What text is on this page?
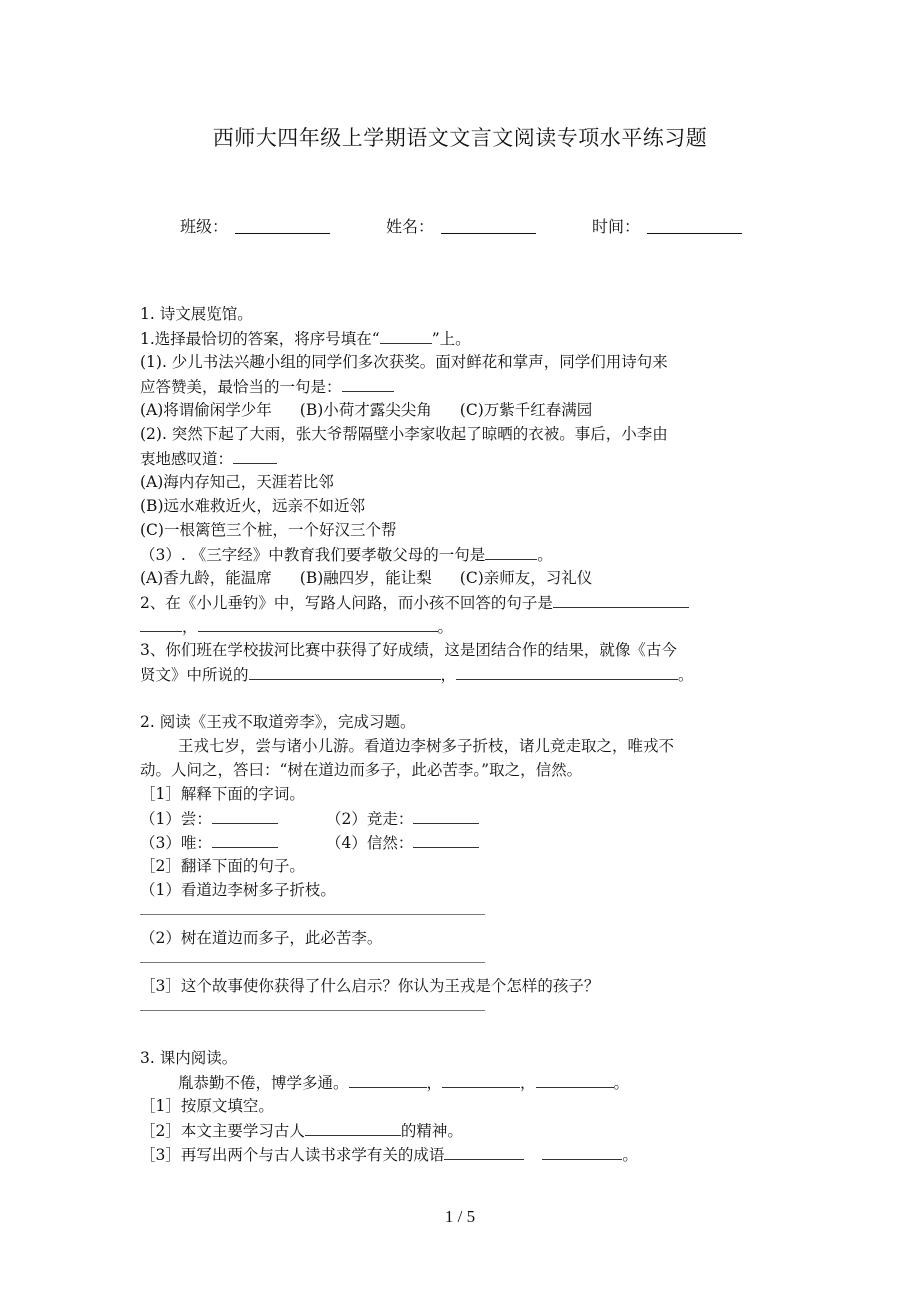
西师大四年级上学期语文文言文阅读专项水平练习题
班级：	姓名：	时间：
1. 诗文展览馆。
1.选择最恰切的答案，将序号填在“	”上。
(1). 少儿书法兴趣小组的同学们多次获奖。面对鲜花和掌声，同学们用诗句来
应答赞美，最恰当的一句是：
(A)将谓偷闲学少年 (B)小荷才露尖尖角 (C)万紫千红春满园
(2). 突然下起了大雨，张大爷帮隔壁小李家收起了晾晒的衣被。事后，小李由
衷地感叹道：
(A)海内存知己，天涯若比邻
(B)远水难救近火，远亲不如近邻
(C)一根篱笆三个桩，一个好汉三个帮
（3）. 《三字经》中教育我们要孝敬父母的一句是	。
(A)香九龄，能温席 (B)融四岁，能让梨 (C)亲师友，习礼仪
2、在《小儿垂钓》中，写路人问路，而小孩不回答的句子是
，	。
3、你们班在学校拔河比赛中获得了好成绩，这是团结合作的结果，就像《古今
贤文》中所说的	，	。
2. 阅读《王戎不取道旁李》，完成习题。
王戎七岁，尝与诸小儿游。看道边李树多子折枝，诸儿竞走取之，唯戎不
动。人问之，答曰：“树在道边而多子，此必苦李。”取之，信然。
［1］解释下面的字词。
（1）尝：	（2）竞走：
（3）唯：	（4）信然：
［2］翻译下面的句子。
（1）看道边李树多子折枝。
（2）树在道边而多子，此必苦李。
［3］这个故事使你获得了什么启示？你认为王戎是个怎样的孩子？
3. 课内阅读。
胤恭勤不倦，博学多通。	，	，	。
［1］按原文填空。
［2］本文主要学习古人	的精神。
［3］再写出两个与古人读书求学有关的成语	。
1 / 5
